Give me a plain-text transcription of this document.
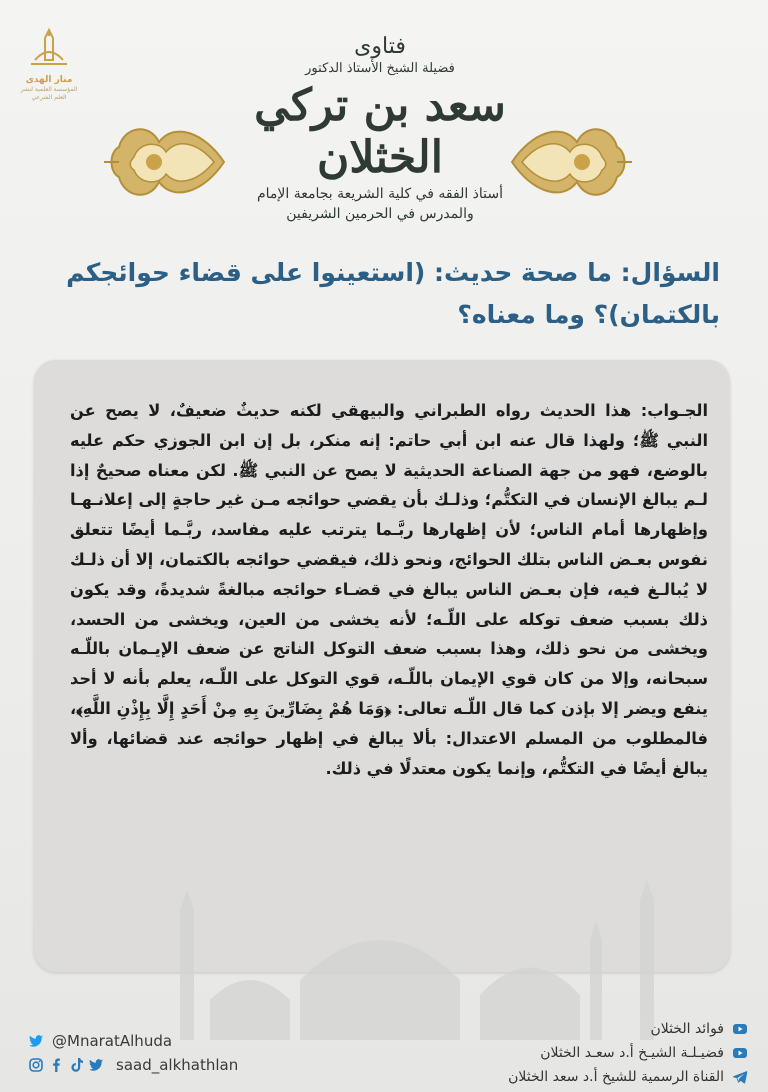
منار الهدى
المؤسسة العلمية لنشر العلم الشرعي
فتاوى
فضيلة الشيخ الأستاذ الدكتور
سعد بن تركي الخثلان
أستاذ الفقه في كلية الشريعة بجامعة الإمام
والمدرس في الحرمين الشريفين
السؤال: ما صحة حديث: (استعينوا على قضاء حوائجكم بالكتمان)؟ وما معناه؟
الجـواب: هذا الحديث رواه الطبراني والبيهقي لكنه حديثٌ ضعيفٌ، لا يصح عن النبي ﷺ؛ ولهذا قال عنه ابن أبي حاتم: إنه منكر، بل إن ابن الجوزي حكم عليه بالوضع، فهو من جهة الصناعة الحديثية لا يصح عن النبي ﷺ. لكن معناه صحيحٌ إذا لـم يبالغ الإنسان في التكتُّم؛ وذلـك بأن يقضي حوائجه مـن غير حاجةٍ إلى إعلانـهـا وإظهارها أمام الناس؛ لأن إظهارها ربَّـما يترتب عليه مفاسد، ربَّـما أيضًا تتعلق نفوس بعـض الناس بتلك الحوائج، ونحو ذلك، فيقضي حوائجه بالكتمان، إلا أن ذلـك لا يُبالـغ فيه، فإن بعـض الناس يبالغ في قضـاء حوائجه مبالغةً شديدةً، وقد يكون ذلك بسبب ضعف توكله على اللّـه؛ لأنه يخشى من العين، ويخشى من الحسد، ويخشى من نحو ذلك، وهذا بسبب ضعف التوكل الناتج عن ضعف الإيـمان باللّـه سبحانه، وإلا من كان قوي الإيمان باللّـه، قوي التوكل على اللّـه، يعلم بأنه لا أحد ينفع ويضر إلا بإذن كما قال اللّـه تعالى: ﴿وَمَا هُمْ بِضَارِّينَ بِهِ مِنْ أَحَدٍ إِلَّا بِإِذْنِ اللَّهِ﴾، فالمطلوب من المسلم الاعتدال: بألا يبالغ في إظهار حوائجه عند قضائها، وألا يبالغ أيضًا في التكتُّم، وإنما يكون معتدلًا في ذلك.
@MnaratAlhuda
saad_alkhathlan
فوائد الخثلان
فضيـلـة الشيـخ أ.د سعـد الخثلان
القناة الرسمية للشيخ أ.د سعد الخثلان
